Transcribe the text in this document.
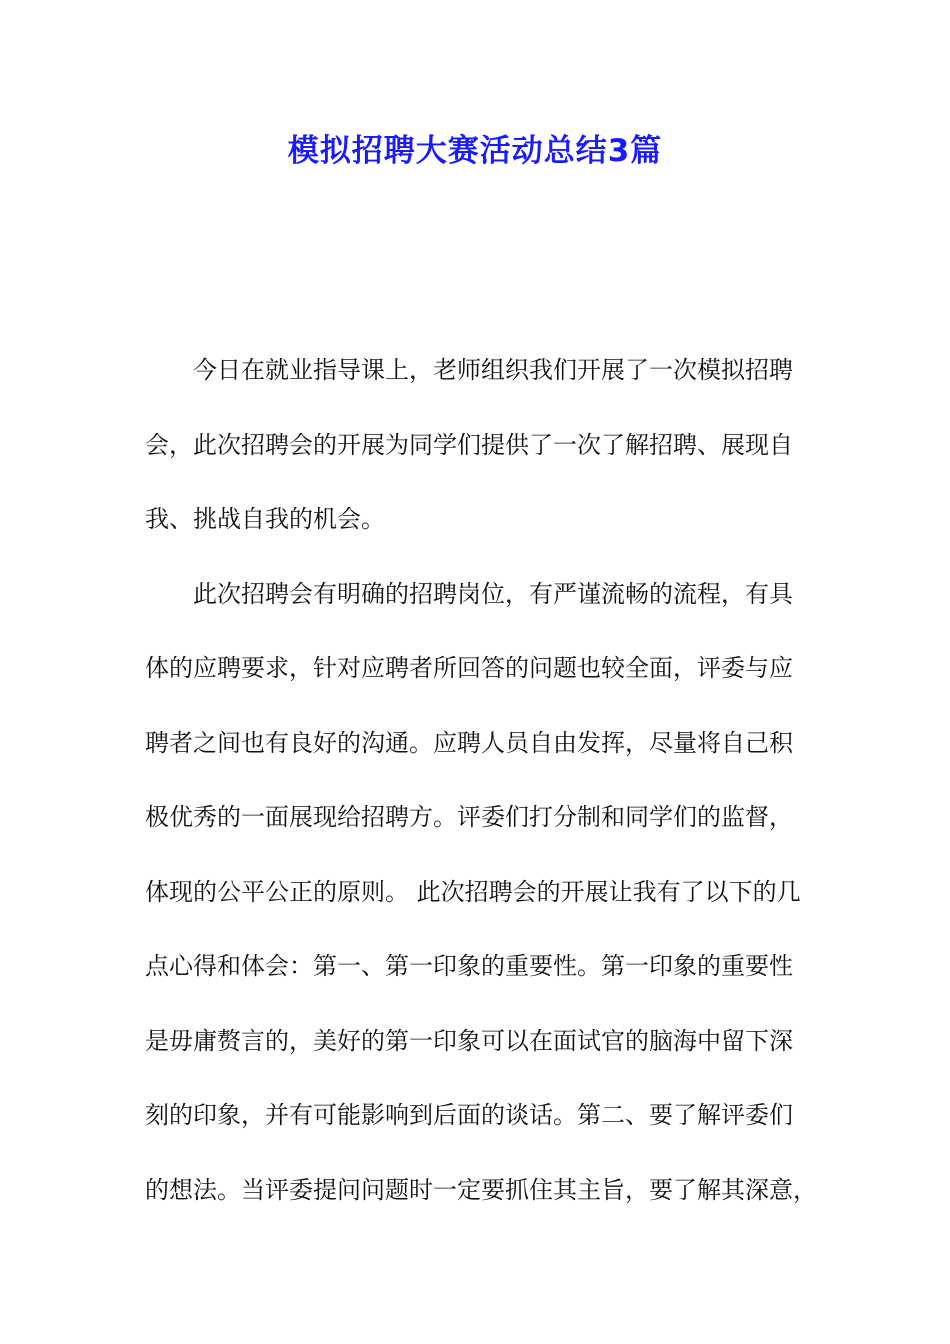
模拟招聘大赛活动总结3篇
今日在就业指导课上，老师组织我们开展了一次模拟招聘
会，此次招聘会的开展为同学们提供了一次了解招聘、展现自
我、挑战自我的机会。
此次招聘会有明确的招聘岗位，有严谨流畅的流程，有具
体的应聘要求，针对应聘者所回答的问题也较全面，评委与应
聘者之间也有良好的沟通。应聘人员自由发挥，尽量将自己积
极优秀的一面展现给招聘方。评委们打分制和同学们的监督，
体现的公平公正的原则。 此次招聘会的开展让我有了以下的几
点心得和体会：第一、第一印象的重要性。第一印象的重要性
是毋庸赘言的，美好的第一印象可以在面试官的脑海中留下深
刻的印象，并有可能影响到后面的谈话。第二、要了解评委们
的想法。当评委提问问题时一定要抓住其主旨，要了解其深意，
